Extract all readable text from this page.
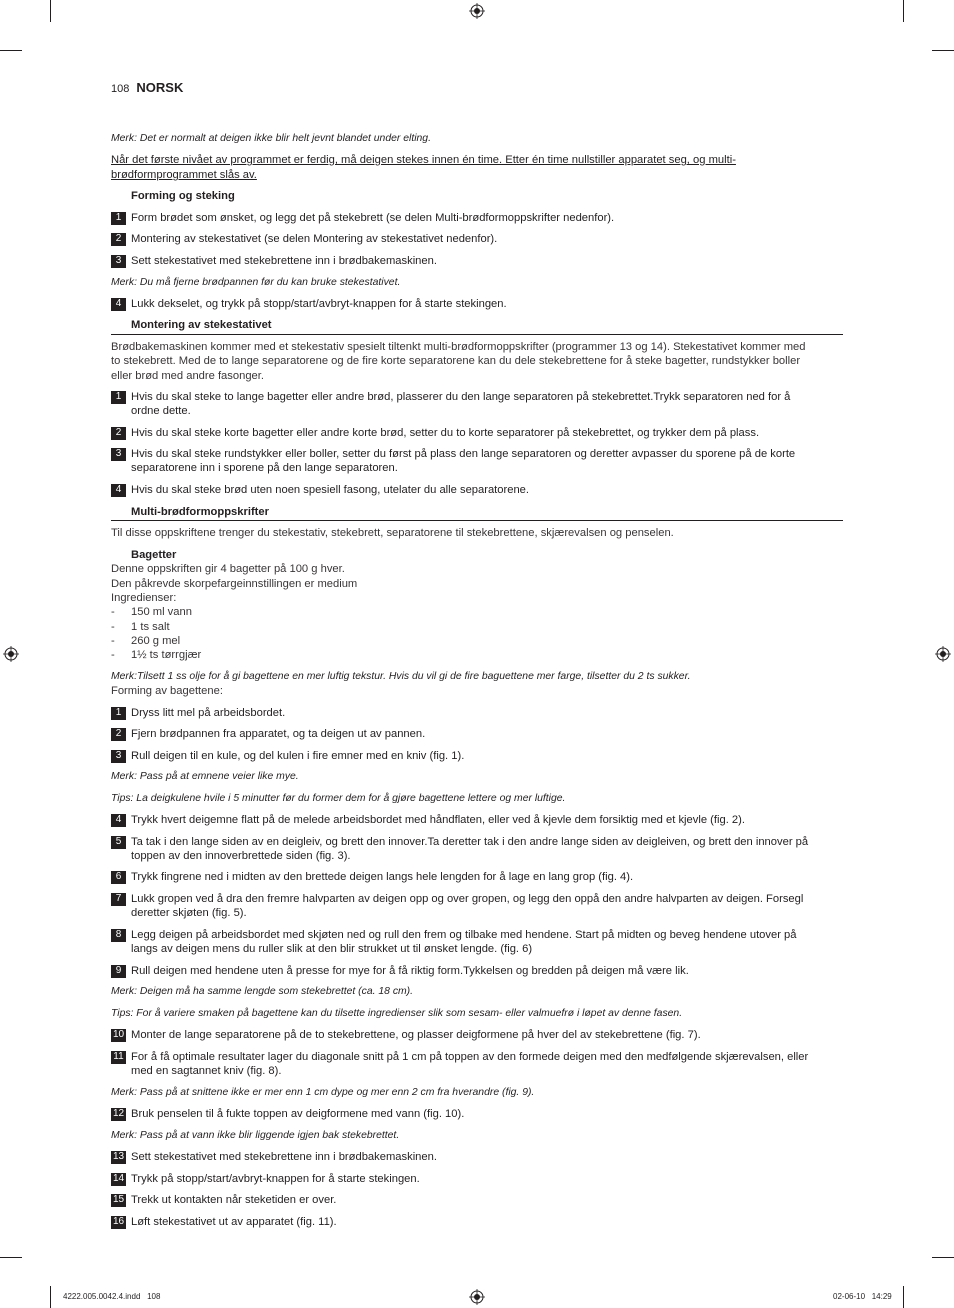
108 NORSK
Merk: Det er normalt at deigen ikke blir helt jevnt blandet under elting.
Når det første nivået av programmet er ferdig, må deigen stekes innen én time. Etter én time nullstiller apparatet seg, og multi-
brødformprogrammet slås av.
Forming og steking
1 Form brødet som ønsket, og legg det på stekebrett (se delen Multi-brødformoppskrifter nedenfor).
2 Montering av stekestativet (se delen Montering av stekestativet nedenfor).
3 Sett stekestativet med stekebrettene inn i brødbakemaskinen.
Merk: Du må fjerne brødpannen før du kan bruke stekestativet.
4 Lukk dekselet, og trykk på stopp/start/avbryt-knappen for å starte stekingen.
Montering av stekestativet
Brødbakemaskinen kommer med et stekestativ spesielt tiltenkt multi-brødformoppskrifter (programmer 13 og 14). Stekestativet kommer med
to stekebrett. Med de to lange separatorene og de fire korte separatorene kan du dele stekebrettene for å steke bagetter, rundstykker boller
eller brød med andre fasonger.
1 Hvis du skal steke to lange bagetter eller andre brød, plasserer du den lange separatoren på stekebrettet.Trykk separatoren ned for å
ordne dette.
2 Hvis du skal steke korte bagetter eller andre korte brød, setter du to korte separatorer på stekebrettet, og trykker dem på plass.
3 Hvis du skal steke rundstykker eller boller, setter du først på plass den lange separatoren og deretter avpasser du sporene på de korte
separatorene inn i sporene på den lange separatoren.
4 Hvis du skal steke brød uten noen spesiell fasong, utelater du alle separatorene.
Multi-brødformoppskrifter
Til disse oppskriftene trenger du stekestativ, stekebrett, separatorene til stekebrettene, skjærevalsen og penselen.
Bagetter
Denne oppskriften gir 4 bagetter på 100 g hver.
Den påkrevde skorpefargeinnstillingen er medium
Ingredienser:
- 150 ml vann
- 1 ts salt
- 260 g mel
- 1½ ts tørrgjær
Merk:Tilsett 1 ss olje for å gi bagettene en mer luftig tekstur. Hvis du vil gi de fire baguettene mer farge, tilsetter du 2 ts sukker.
Forming av bagettene:
1 Dryss litt mel på arbeidsbordet.
2 Fjern brødpannen fra apparatet, og ta deigen ut av pannen.
3 Rull deigen til en kule, og del kulen i fire emner med en kniv (fig. 1).
Merk: Pass på at emnene veier like mye.
Tips: La deigkulene hvile i 5 minutter før du former dem for å gjøre bagettene lettere og mer luftige.
4 Trykk hvert deigemne flatt på de melede arbeidsbordet med håndflaten, eller ved å kjevle dem forsiktig med et kjevle (fig. 2).
5 Ta tak i den lange siden av en deigleiv, og brett den innover.Ta deretter tak i den andre lange siden av deigleiven, og brett den innover på
toppen av den innoverbrettede siden (fig. 3).
6 Trykk fingrene ned i midten av den brettede deigen langs hele lengden for å lage en lang grop (fig. 4).
7 Lukk gropen ved å dra den fremre halvparten av deigen opp og over gropen, og legg den oppå den andre halvparten av deigen. Forsegl
deretter skjøten (fig. 5).
8 Legg deigen på arbeidsbordet med skjøten ned og rull den frem og tilbake med hendene. Start på midten og beveg hendene utover på
langs av deigen mens du ruller slik at den blir strukket ut til ønsket lengde. (fig. 6)
9 Rull deigen med hendene uten å presse for mye for å få riktig form.Tykkelsen og bredden på deigen må være lik.
Merk: Deigen må ha samme lengde som stekebrettet (ca. 18 cm).
Tips: For å variere smaken på bagettene kan du tilsette ingredienser slik som sesam- eller valmuefrø i løpet av denne fasen.
10 Monter de lange separatorene på de to stekebrettene, og plasser deigformene på hver del av stekebrettene (fig. 7).
11 For å få optimale resultater lager du diagonale snitt på 1 cm på toppen av den formede deigen med den medfølgende skjærevalsen, eller
med en sagtannet kniv (fig. 8).
Merk: Pass på at snittene ikke er mer enn 1 cm dype og mer enn 2 cm fra hverandre (fig. 9).
12 Bruk penselen til å fukte toppen av deigformene med vann (fig. 10).
Merk: Pass på at vann ikke blir liggende igjen bak stekebrettet.
13 Sett stekestativet med stekebrettene inn i brødbakemaskinen.
14 Trykk på stopp/start/avbryt-knappen for å starte stekingen.
15 Trekk ut kontakten når steketiden er over.
16 Løft stekestativet ut av apparatet (fig. 11).
4222.005.0042.4.indd   108	02-06-10   14:29
